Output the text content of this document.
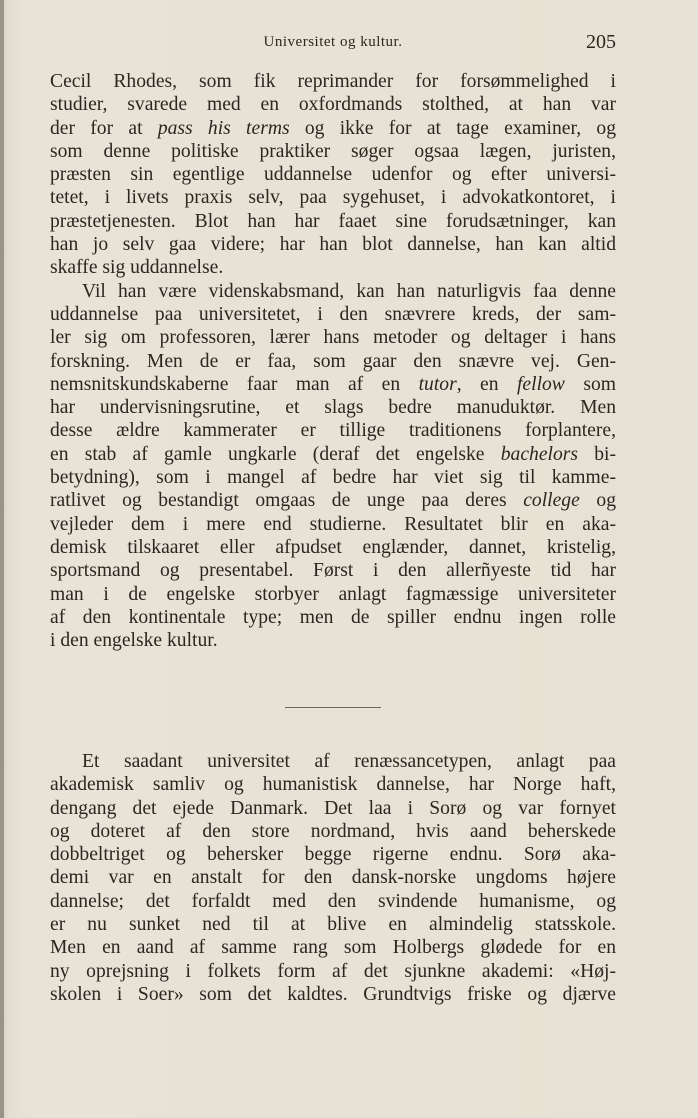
Universitet og kultur.	205
Cecil Rhodes, som fik reprimander for forsømmelighed i
studier, svarede med en oxfordmands stolthed, at han var
der for at pass his terms og ikke for at tage examiner, og
som denne politiske praktiker søger ogsaa lægen, juristen,
præsten sin egentlige uddannelse udenfor og efter universi-
tetet, i livets praxis selv, paa sygehuset, i advokatkontoret, i
præstetjenesten. Blot han har faaet sine forudsætninger, kan
han jo selv gaa videre; har han blot dannelse, han kan altid
skaffe sig uddannelse.
Vil han være videnskabsmand, kan han naturligvis faa denne
uddannelse paa universitetet, i den snævrere kreds, der sam-
ler sig om professoren, lærer hans metoder og deltager i hans
forskning. Men de er faa, som gaar den snævre vej. Gen-
nemsnitskundskaberne faar man af en tutor, en fellow som
har undervisningsrutine, et slags bedre manuduktør. Men
desse ældre kammerater er tillige traditionens forplantere,
en stab af gamle ungkarle (deraf det engelske bachelors bi-
betydning), som i mangel af bedre har viet sig til kamme-
ratlivet og bestandigt omgaas de unge paa deres college og
vejleder dem i mere end studierne. Resultatet blir en aka-
demisk tilskaaret eller afpudset englænder, dannet, kristelig,
sportsmand og presentabel. Først i den allerñyeste tid har
man i de engelske storbyer anlagt fagmæssige universiteter
af den kontinentale type; men de spiller endnu ingen rolle
i den engelske kultur.
Et saadant universitet af renæssancetypen, anlagt paa
akademisk samliv og humanistisk dannelse, har Norge haft,
dengang det ejede Danmark. Det laa i Sorø og var fornyet
og doteret af den store nordmand, hvis aand beherskede
dobbeltriget og behersker begge rigerne endnu. Sorø aka-
demi var en anstalt for den dansk-norske ungdoms højere
dannelse; det forfaldt med den svindende humanisme, og
er nu sunket ned til at blive en almindelig statsskole.
Men en aand af samme rang som Holbergs glødede for en
ny oprejsning i folkets form af det sjunkne akademi: «Høj-
skolen i Soer» som det kaldtes. Grundtvigs friske og djærve
